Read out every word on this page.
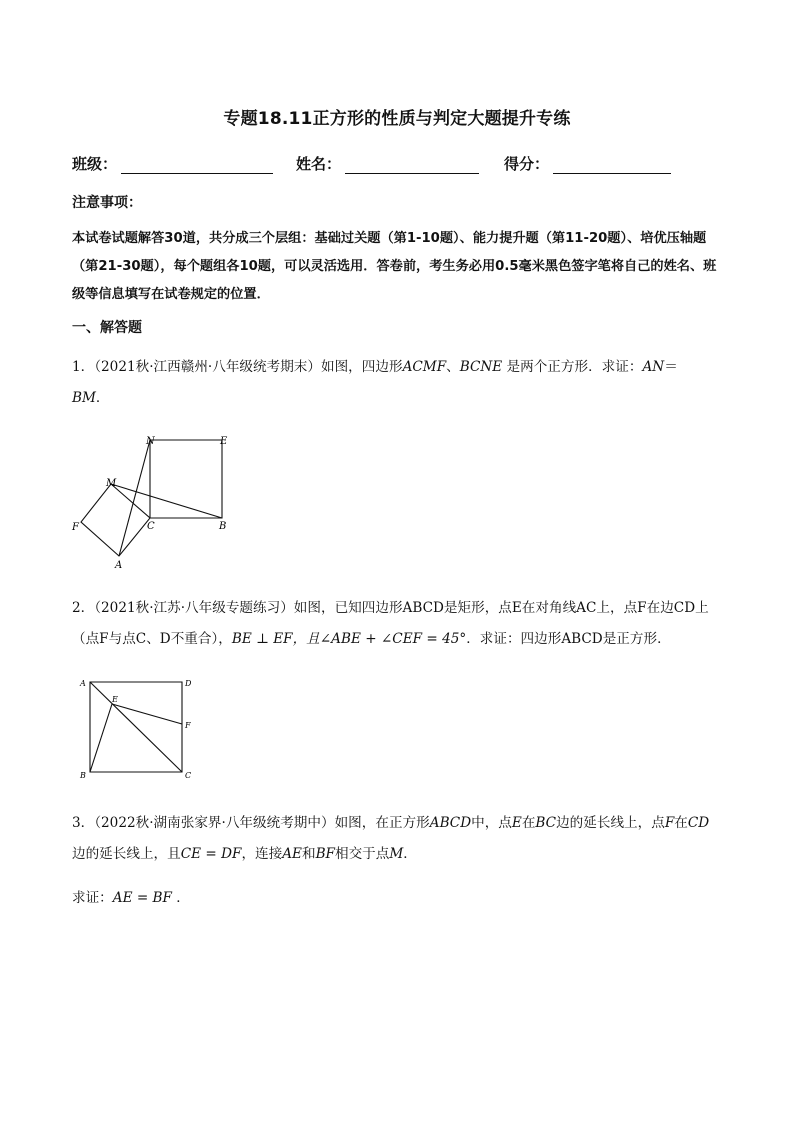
专题18.11正方形的性质与判定大题提升专练
班级：	姓名：	得分：
注意事项：
本试卷试题解答30道，共分成三个层组：基础过关题（第1-10题）、能力提升题（第11-20题）、培优压轴题（第21-30题），每个题组各10题，可以灵活选用．答卷前，考生务必用0.5毫米黑色签字笔将自己的姓名、班级等信息填写在试卷规定的位置．
一、解答题
1．（2021秋·江西赣州·八年级统考期末）如图，四边形ACMF、BCNE 是两个正方形．求证：AN＝
BM．
N	E
M
F	C	B
A
2．（2021秋·江苏·八年级专题练习）如图，已知四边形ABCD是矩形，点E在对角线AC上，点F在边CD上（点F与点C、D不重合），BE ⊥ EF，且∠ABE + ∠CEF = 45°．求证：四边形ABCD是正方形．
A	D
E
F
B	C
3．（2022秋·湖南张家界·八年级统考期中）如图，在正方形ABCD中，点E在BC边的延长线上，点F在CD边的延长线上，且CE = DF，连接AE和BF相交于点M．
求证：AE = BF ．
